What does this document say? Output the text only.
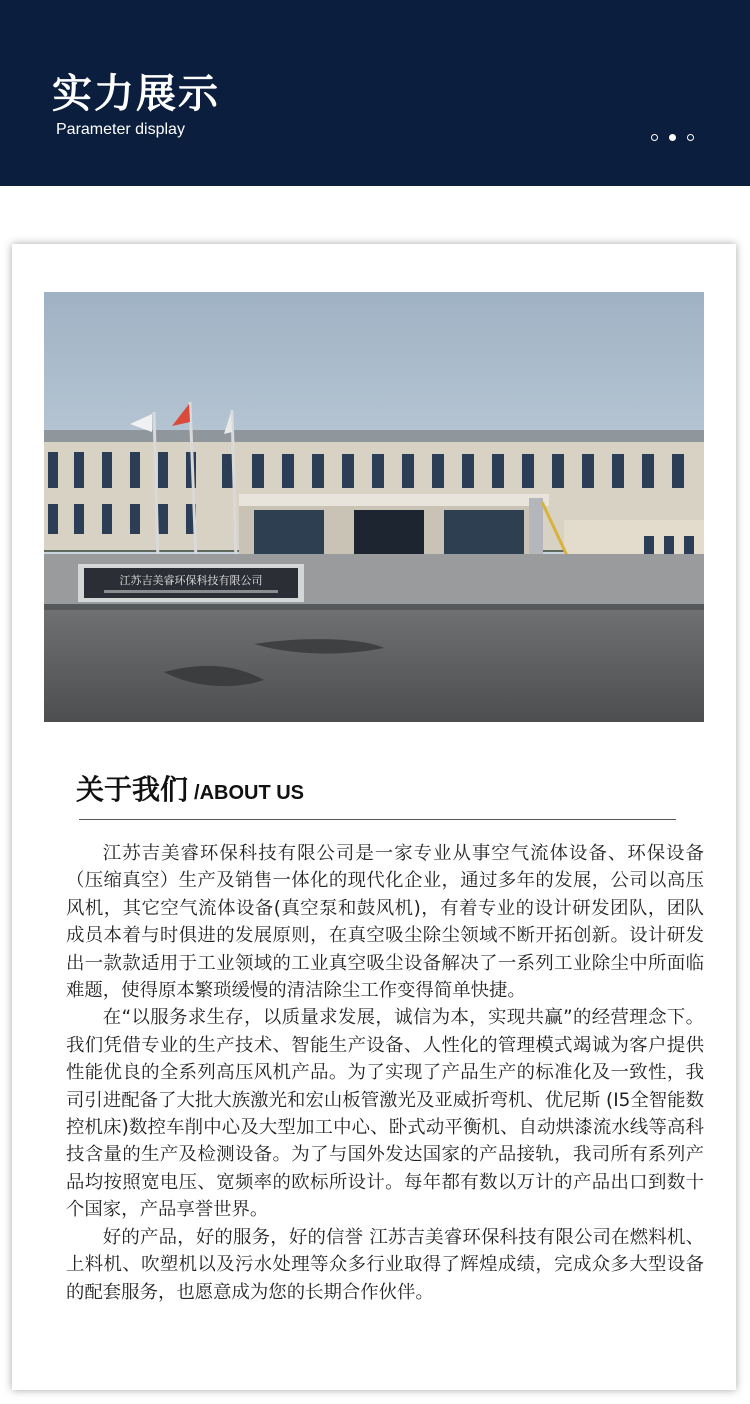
实力展示
Parameter display
江苏吉美睿环保科技有限公司
关于我们 /ABOUT US

江苏吉美睿环保科技有限公司是一家专业从事空气流体设备、环保设备（压缩真空）生产及销售一体化的现代化企业，通过多年的发展，公司以高压风机，其它空气流体设备(真空泵和鼓风机)，有着专业的设计研发团队，团队成员本着与时俱进的发展原则，在真空吸尘除尘领域不断开拓创新。设计研发出一款款适用于工业领域的工业真空吸尘设备解决了一系列工业除尘中所面临难题，使得原本繁琐缓慢的清洁除尘工作变得简单快捷。

在“以服务求生存，以质量求发展，诚信为本，实现共赢”的经营理念下。我们凭借专业的生产技术、智能生产设备、人性化的管理模式竭诚为客户提供性能优良的全系列高压风机产品。为了实现了产品生产的标准化及一致性，我司引进配备了大批大族激光和宏山板管激光及亚威折弯机、优尼斯 (I5全智能数控机床)数控车削中心及大型加工中心、卧式动平衡机、自动烘漆流水线等高科技含量的生产及检测设备。为了与国外发达国家的产品接轨，我司所有系列产品均按照宽电压、宽频率的欧标所设计。每年都有数以万计的产品出口到数十个国家，产品享誉世界。

好的产品，好的服务，好的信誉 江苏吉美睿环保科技有限公司在燃料机、上料机、吹塑机以及污水处理等众多行业取得了辉煌成绩，完成众多大型设备的配套服务，也愿意成为您的长期合作伙伴。
